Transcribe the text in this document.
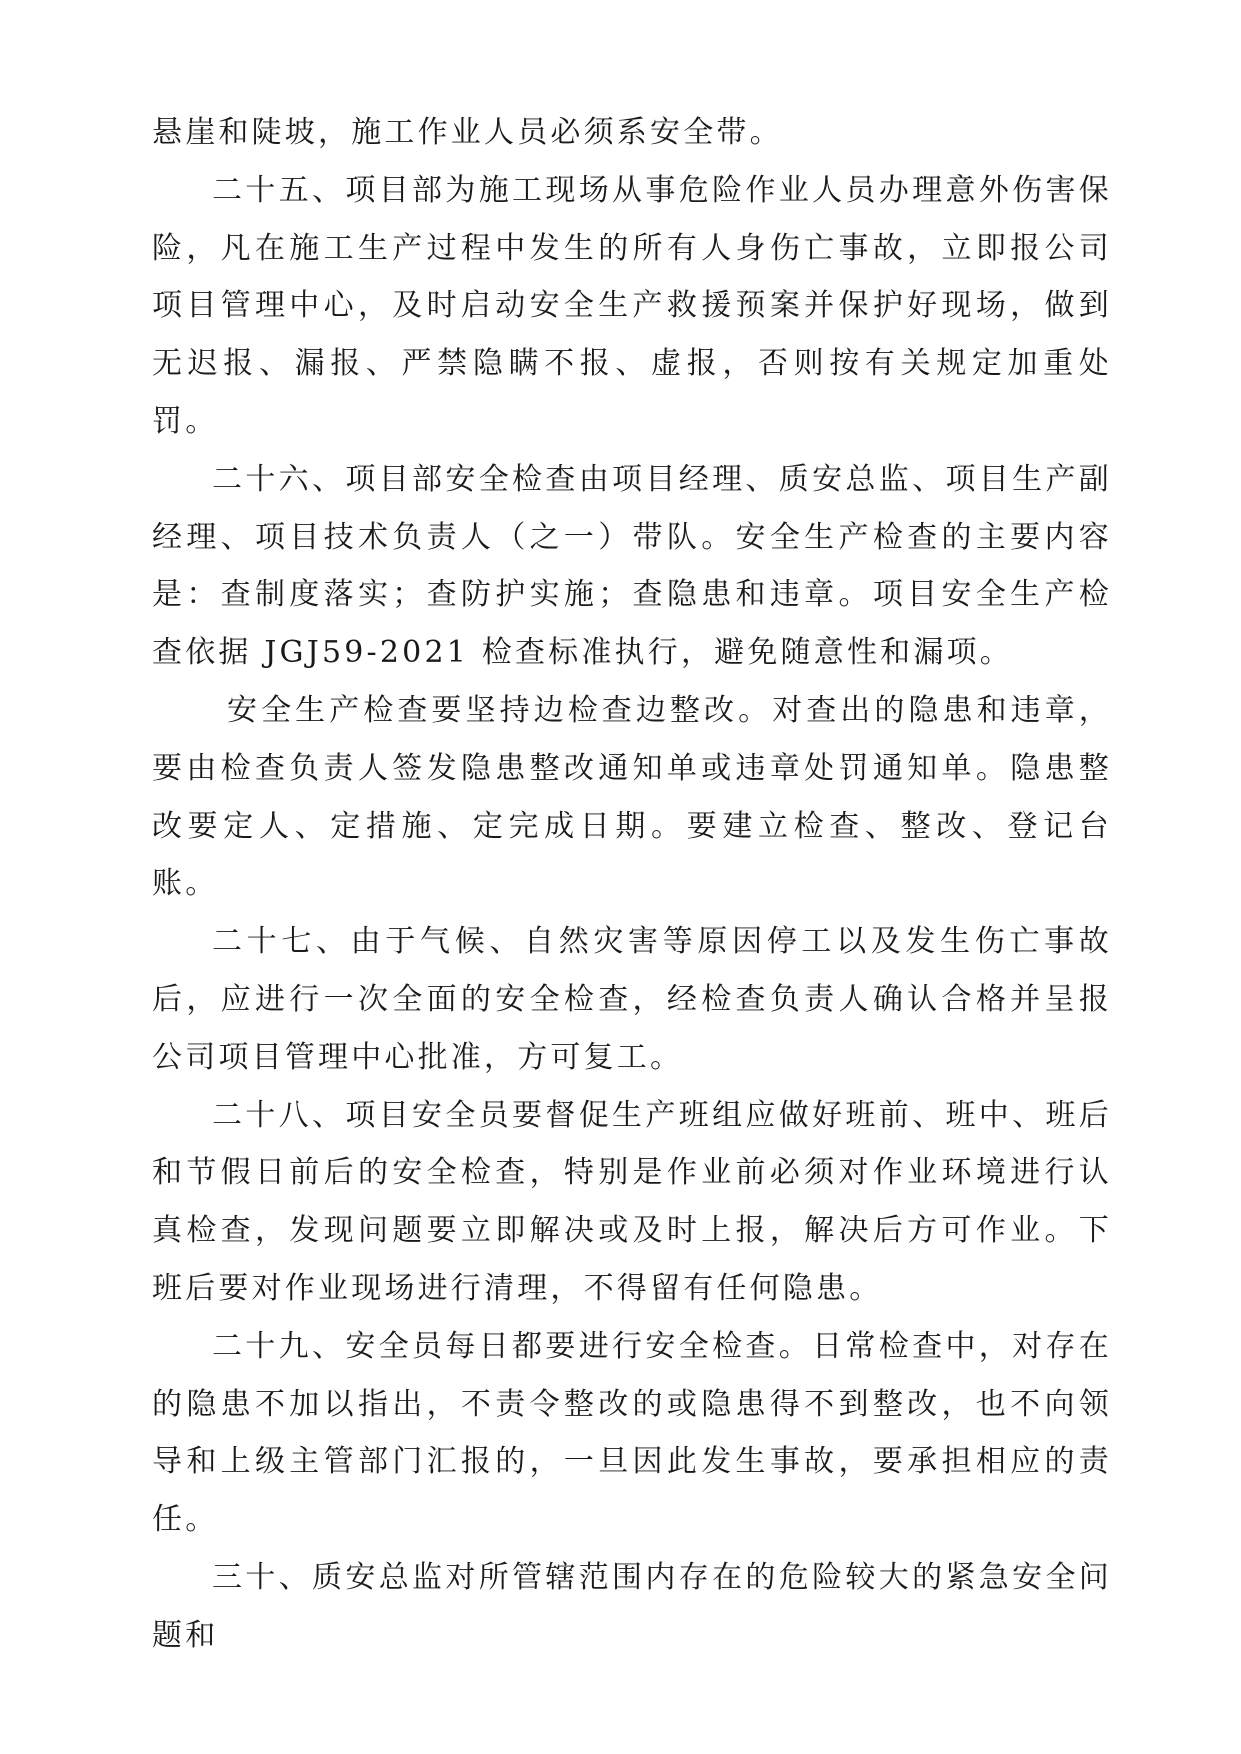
悬崖和陡坡，施工作业人员必须系安全带。

二十五、项目部为施工现场从事危险作业人员办理意外伤害保险，凡在施工生产过程中发生的所有人身伤亡事故，立即报公司项目管理中心，及时启动安全生产救援预案并保护好现场，做到无迟报、漏报、严禁隐瞒不报、虚报，否则按有关规定加重处罚。

二十六、项目部安全检查由项目经理、质安总监、项目生产副经理、项目技术负责人（之一）带队。安全生产检查的主要内容是：查制度落实；查防护实施；查隐患和违章。项目安全生产检查依据 JGJ59-2021 检查标准执行，避免随意性和漏项。

安全生产检查要坚持边检查边整改。对查出的隐患和违章，要由检查负责人签发隐患整改通知单或违章处罚通知单。隐患整改要定人、定措施、定完成日期。要建立检查、整改、登记台账。

二十七、由于气候、自然灾害等原因停工以及发生伤亡事故后，应进行一次全面的安全检查，经检查负责人确认合格并呈报公司项目管理中心批准，方可复工。

二十八、项目安全员要督促生产班组应做好班前、班中、班后和节假日前后的安全检查，特别是作业前必须对作业环境进行认真检查，发现问题要立即解决或及时上报，解决后方可作业。下班后要对作业现场进行清理，不得留有任何隐患。

二十九、安全员每日都要进行安全检查。日常检查中，对存在的隐患不加以指出，不责令整改的或隐患得不到整改，也不向领导和上级主管部门汇报的，一旦因此发生事故，要承担相应的责任。

三十、质安总监对所管辖范围内存在的危险较大的紧急安全问题和
